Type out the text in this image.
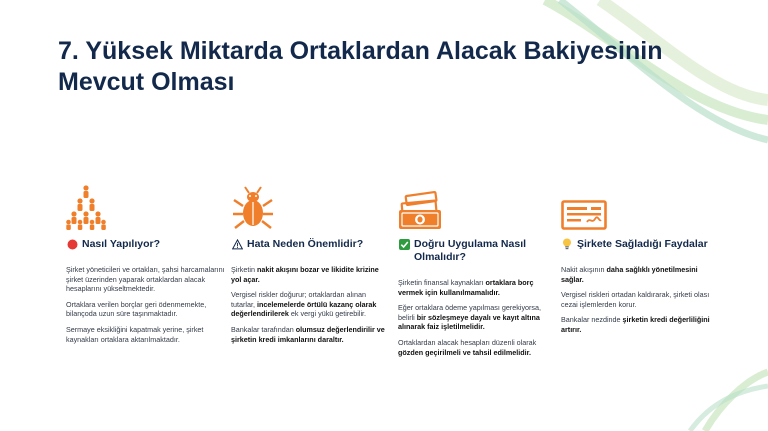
7. Yüksek Miktarda Ortaklardan Alacak Bakiyesinin Mevcut Olması
Nasıl Yapılıyor?

Şirket yöneticileri ve ortakları, şahsi harcamalarını şirket üzerinden yaparak ortaklardan alacak hesaplarını yükseltmektedir.

Ortaklara verilen borçlar geri ödenmemekte, bilançoda uzun süre taşınmaktadır.

Sermaye eksikliğini kapatmak yerine, şirket kaynakları ortaklara aktarılmaktadır.

Hata Neden Önemlidir?

Şirketin nakit akışını bozar ve likidite krizine yol açar.

Vergisel riskler doğurur; ortaklardan alınan tutarlar, incelemelerde örtülü kazanç olarak değerlendirilerek ek vergi yükü getirebilir.

Bankalar tarafından olumsuz değerlendirilir ve şirketin kredi imkanlarını daraltır.

Doğru Uygulama Nasıl Olmalıdır?

Şirketin finansal kaynakları ortaklara borç vermek için kullanılmamalıdır.

Eğer ortaklara ödeme yapılması gerekiyorsa, belirli bir sözleşmeye dayalı ve kayıt altına alınarak faiz işletilmelidir.

Ortaklardan alacak hesapları düzenli olarak gözden geçirilmeli ve tahsil edilmelidir.

Şirkete Sağladığı Faydalar

Nakit akışının daha sağlıklı yönetilmesini sağlar.

Vergisel riskleri ortadan kaldırarak, şirketi olası cezai işlemlerden korur.

Bankalar nezdinde şirketin kredi değerliliğini artırır.
